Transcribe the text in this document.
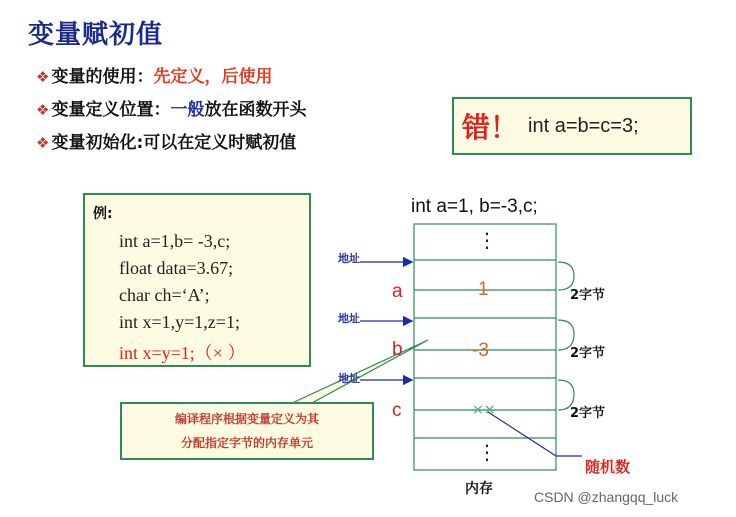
变量赋初值
❖ 变量的使用：先定义，后使用
❖ 变量定义位置：一般放在函数开头
❖ 变量初始化:可以在定义时赋初值	错！ int a=b=c=3;
例:
int a=1,b= -3,c;
float data=3.67;
char ch=‘A’;
int x=1,y=1,z=1;
int x=y=1;（× ）
int a=1, b=-3,c;
⋮
⋮
地址
地址
地址
a
b
c
1
-3
××
2字节
2字节
2字节
编译程序根据变量定义为其
分配指定字节的内存单元
随机数
内存	CSDN @zhangqq_luck
